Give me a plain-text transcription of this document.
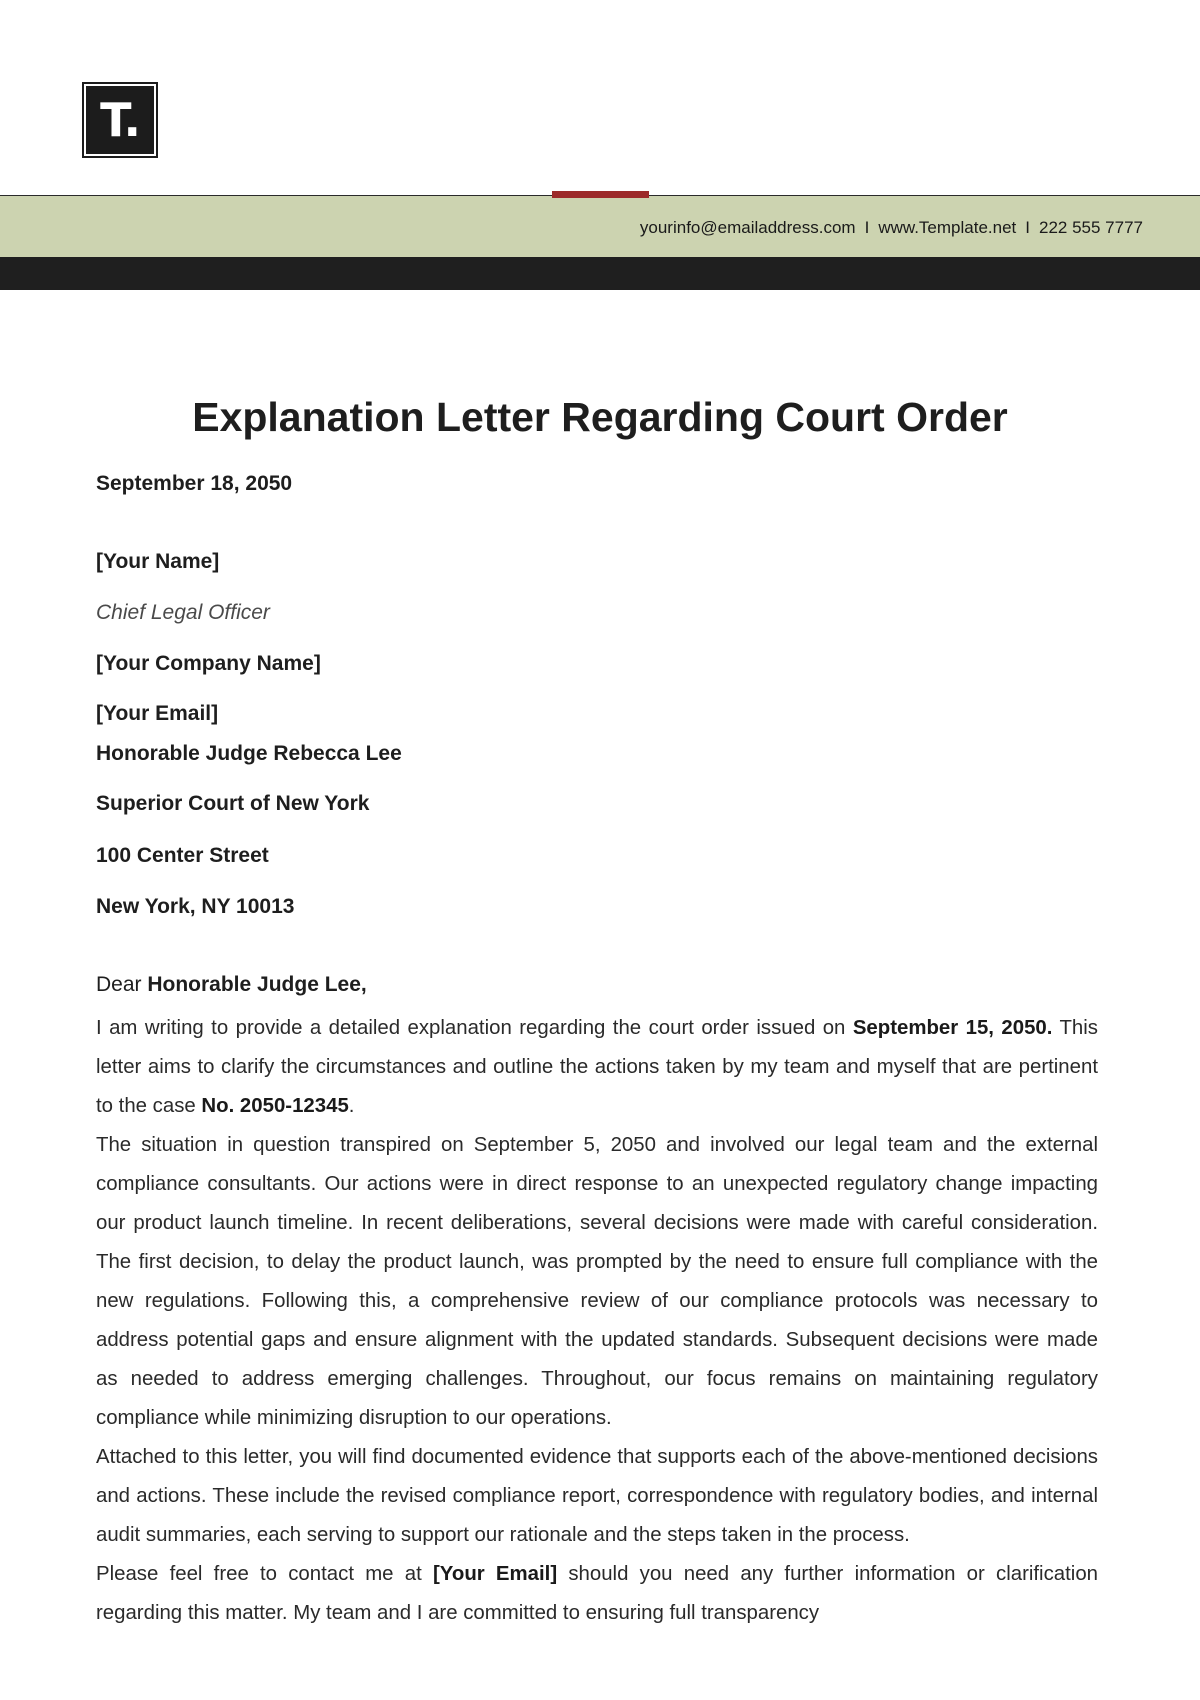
T.
yourinfo@emailaddress.com I www.Template.net I 222 555 7777
Explanation Letter Regarding Court Order
September 18, 2050
[Your Name]
Chief Legal Officer
[Your Company Name]
[Your Email]
Honorable Judge Rebecca Lee
Superior Court of New York
100 Center Street
New York, NY 10013
Dear Honorable Judge Lee,

I am writing to provide a detailed explanation regarding the court order issued on September 15, 2050. This letter aims to clarify the circumstances and outline the actions taken by my team and myself that are pertinent to the case No. 2050-12345.

The situation in question transpired on September 5, 2050 and involved our legal team and the external compliance consultants. Our actions were in direct response to an unexpected regulatory change impacting our product launch timeline. In recent deliberations, several decisions were made with careful consideration. The first decision, to delay the product launch, was prompted by the need to ensure full compliance with the new regulations. Following this, a comprehensive review of our compliance protocols was necessary to address potential gaps and ensure alignment with the updated standards. Subsequent decisions were made as needed to address emerging challenges. Throughout, our focus remains on maintaining regulatory compliance while minimizing disruption to our operations.

Attached to this letter, you will find documented evidence that supports each of the above-mentioned decisions and actions. These include the revised compliance report, correspondence with regulatory bodies, and internal audit summaries, each serving to support our rationale and the steps taken in the process.

Please feel free to contact me at [Your Email] should you need any further information or clarification regarding this matter. My team and I are committed to ensuring full transparency
